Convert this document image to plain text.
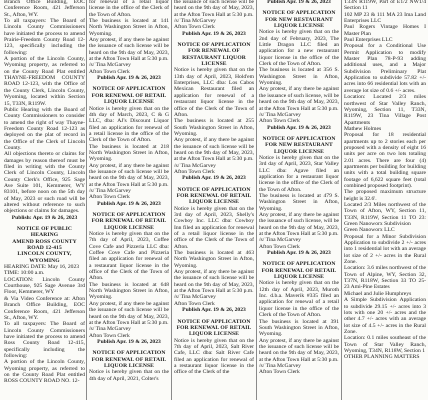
Branch Office Building, EOC Conference Room, 421 Jefferson St., Afton, WY.

To all taxpayers: The Board of Lincoln County Commissioners have initiated the process to amend Prairie-Freedom County Road 12-123, specifically including the following:

A portion of the Lincoln County, Wyoming property, as referred to on the County Road Plat entitled THAYNE-FREEDOM COUNTY ROAD 12-123, with the Office of the County Clerk, Lincoln County, Wyoming, located within Section 15, T33N, R119W.

Public Hearing with the Board of County Commissioners to consider to amend the right of way Thayne-Freedom County Road 12-123 as deployed on the plat of record in the Office of the Clerk of Lincoln County.

All objections thereto or claims for damages by reason thereof must be filed in writing with the County Clerk of Lincoln County, Lincoln County Clerk's Office, 925 Sage Ave Suite 101, Kemmerer, WY 83101, before noon on the 5th day of May, 2023 or such road will be altered without reference to such objections or claims for damages.

Publish: Apr. 19 & 26, 2023

NOTICE OF PUBLIC HEARING

AMEND ROSS COUNTY ROAD 12-415

LINCOLN COUNTY, WYOMING

HEARING DATE: May 16, 2023

TIME: 10:00 a.m.

LOCATION: Lincoln County Courthouse, 925 Sage Avenue 3rd Floor, Kemmerer, WY

& Via Video Conference at: Afton Branch Office Building, EOC Conference Room, 421 Jefferson St., Afton, WY.

To all taxpayers: The Board of Lincoln County Commissioners have initiated the process to amend Ross County Road 12-415, specifically including the following:

A portion of the Lincoln County, Wyoming property, as referred to on the County Road Plat entitled ROSS COUNTY ROAD NO. 12-

for renewal of a retail liquor license in the office of the Clerk of the Town of Afton.

The business is located at 141 North Washington Street in Afton, Wyoming.

Any protest, if any there be against the issuance of such license will be heard on the 9th day of May, 2023, at the Afton Town Hall at 5:30 p.m.

/s/ Tina McGarvey

Afton Town Clerk

Publish Apr. 19 & 26, 2023

NOTICE OF APPLICATION FOR RENEWAL OF RETAIL LIQUOR LICENSE

Notice is hereby given that on the 4th day of March, 2023, C & G LLC, dba: AJ's Discount Liquor filed an application for renewal of a retail license in the office of the Clerk of the Town of Afton.

The business is located at 218 North Washington Street in Afton, Wyoming.

Any protest, if any there be against the issuance of such license will be heard on the 9th day of May, 2023, at the Afton Town Hall at 5:30 p.m.

/s/ Tina McGarvey

Afton Town Clerk

Publish Apr. 19 & 26, 2023

NOTICE OF APPLICATION FOR RENEWAL OF RETAIL LIQUOR LICENSE

Notice is hereby given that on the 7th day of April, 2023, Coffee Cove Cafe and Pizzeria LLC dba: Coffee Cove Cafe and Pizzeria filed an application for renewal of a restaurant liquor license in the office of the Clerk of the Town of Afton.

The business is located at 648 North Washington Street in Afton, Wyoming.

Any protest, if any there be against the issuance of such license will be heard on the 9th day of May, 2023, at the Afton Town Hall at 5:30 p.m.

/s/ Tina McGarvey

Afton Town Clerk

Publish Apr. 19 & 26, 2023

NOTICE OF APPLICATION FOR RENEWAL OF RETAIL LIQUOR LICENSE

Notice is hereby given that on the 4th day of April, 2021, Colter's

the issuance of such license will be heard on the 9th day of May, 2023, at the Afton Town Hall at 5:30 p.m.

/s/ Tina McGarvey

Afton Town Clerk

Publish Apr. 19 & 26, 2023

NOTICE OF APPLICATION FOR RENEWAL OF RESTAURANT LIQUOR LICENSE

Notice is hereby given that on the 13th day of April, 2023, Hold'em Enterprises, LLC dba: Los Cabos Mexican Restaurant filed an application for renewal of a restaurant liquor license in the office of the Clerk of the Town of Afton.

The business is located at 255 South Washington Street in Afton, Wyoming.

Any protest, if any there be against the issuance of such license will be heard on the 9th day of May, 2023, at the Afton Town Hall at 5:30 p.m.

/s/ Tina McGarvey

Afton Town Clerk

Publish Apr. 19 & 26, 2023

NOTICE OF APPLICATION FOR RENEWAL OF RETAIL LIQUOR LICENSE

Notice is hereby given that on the 3rd day of April, 2023, Shelly's Cowboy Inc. LLC dba: Cowboy Inn filed an application for renewal of a retail liquor license in the office of the Clerk of the Town of Afton.

The business is located at 463 North Washington Street in Afton, Wyoming.

Any protest, if any there be against the issuance of such license will be heard on the 9th day of May, 2023, at the Afton Town Hall at 5:30 p.m.

/s/ Tina McGarvey

Afton Town Clerk

Publish Apr. 19 & 26, 2023

NOTICE OF APPLICATION FOR RENEWAL OF RETAIL LIQUOR LICENSE

Notice is hereby given that on the 7th day of April, 2023, Salt River Cafe, LLC dba: Salt River Cafe filed an application for renewal of a restaurant liquor license in the office of the Clerk of the

Publish Apr. 19 & 26, 2023

NOTICE OF APPLICATION FOR NEW RESTAURANT LIQUOR LICENSE

Notice is hereby given that on the 2nd day of February, 2023, The Little Dragon LLC filed an application for a new restaurant liquor license in the office of the Clerk of the Town of Afton.

The business is located at 356 S. Washington Street in Afton, Wyoming.

Any protest, if any there be against the issuance of such license, will be heard on the 9th day of May, 2023, at the Afton Town Hall at 5:30 p.m.

/s/ Tina McGarvey

Afton Town Clerk

Publish Apr. 19 & 26, 2023

NOTICE OF APPLICATION FOR NEW RESTAURANT LIQUOR LICENSE

Notice is hereby given that on the 3rd day of April, 2023, Star Valley LLC dba: Agave filed an application for a restaurant liquor license in the office of the Clerk of the Town of Afton.

The business is located at 479 S. Washington Street in Afton, Wyoming.

Any protest, if any there be against the issuance of such license, will be heard on the 9th day of May, 2023, at the Afton Town Hall at 5:30 p.m.

/s/ Tina McGarvey

Afton Town Clerk

Publish Apr. 19 & 26, 2023

NOTICE OF APPLICATION FOR RENEWAL OF RETAIL LIQUOR LICENSE

Notice is hereby given that on the 12th day of April, 2023, Muroth Inc. d.b.a. Maverik #335 filed an application for renewal of a retail liquor license in the office of the Clerk of the Town of Afton.

The business is located at 391 South Washington Street in Afton, Wyoming.

Any protest, if any there be against the issuance of such license will be heard on the 9th day of May, 2023, at the Afton Town Hall at 5:30 p.m.

/s/ Tina McGarvey

Afton Town Clerk

T33N R119W, Part of E1/2 NW1/4 Section 11

102 MP 23 & 111 MA 23 Ima Land Enterprises LLC

Paul Rogers Vintage Homes I Master Plan

Paul Enterprises LLC

Proposal for a Conditional Use Permit Application to modify Master Plan 78-P-93 adding additional uses, and a Major Subdivision Preliminary Plat Application to subdivide 57.82 +/- acres into 66 residential lots with an average lot size of 0.6 +/- acres.

Location: Located 2/3 miles northwest of Star Valley Ranch, Wyoming, Section 11, T33N, R119W, 23 Tina Village Post Apartments

Mathew Holmes

Proposal for 18 residential apartments up to 2 stories each per proposed with a density of eight 16 units per acre on two lots totaling 2.01 acres. There are four (4) apartments per building for building units with a total building square footage of 6,622 square feet (total combined proposed footprint).

The proposed maximum structure height is 32.6'.

Located 2/3 Miles northwest of the Town of Afton, WY, Section 11, T33N, R119W, Section 11 TO 23: Green Nanoworx Subdivision

Green Nanoworx LLC

Proposal for a Minor Subdivision Application to subdivide 2 +/- acres into 1 residential lot with an average lot size of 2 +/- acres in the Rural Zone.

Location: 3.6 miles northwest of the Town of Alpine, WY, Section 32, T37N, R118W, Section 33 TO 25-23 Ami-Pine Estates

Michael and Julie Humphreys

A Simple Subdivision Application to subdivide 29.15 +/- acres into 3 lots with one 20 +/- acres and the other 4.7 +/- acres with an average lot size of 4.5 +/- acres in the Rural Zone.

Location: 0.1 miles southeast of the Town of Star Valley Ranch, Wyoming, T34N, R118W, Section 1

OTHER PLANNING MATTERS
